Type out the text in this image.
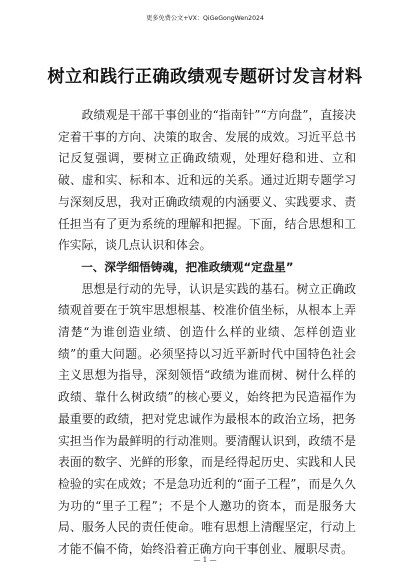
更多免费公文+VX：QiGeGongWen2024
树立和践行正确政绩观专题研讨发言材料

政绩观是干部干事创业的“指南针”“方向盘”，直接决定着干事的方向、决策的取舍、发展的成效。习近平总书记反复强调，要树立正确政绩观，处理好稳和进、立和破、虚和实、标和本、近和远的关系。通过近期专题学习与深刻反思，我对正确政绩观的内涵要义、实践要求、责任担当有了更为系统的理解和把握。下面，结合思想和工作实际，谈几点认识和体会。

一、深学细悟铸魂，把准政绩观“定盘星”

思想是行动的先导，认识是实践的基石。树立正确政绩观首要在于筑牢思想根基、校准价值坐标，从根本上弄清楚“为谁创造业绩、创造什么样的业绩、怎样创造业绩”的重大问题。必须坚持以习近平新时代中国特色社会主义思想为指导，深刻领悟“政绩为谁而树、树什么样的政绩、靠什么树政绩”的核心要义，始终把为民造福作为最重要的政绩，把对党忠诚作为最根本的政治立场，把务实担当作为最鲜明的行动准则。要清醒认识到，政绩不是表面的数字、光鲜的形象，而是经得起历史、实践和人民检验的实在成效；不是急功近利的“面子工程”，而是久久为功的“里子工程”；不是个人邀功的资本，而是服务大局、服务人民的责任使命。唯有思想上清醒坚定，行动上才能不偏不倚，始终沿着正确方向干事创业、履职尽责。

— 1 —
